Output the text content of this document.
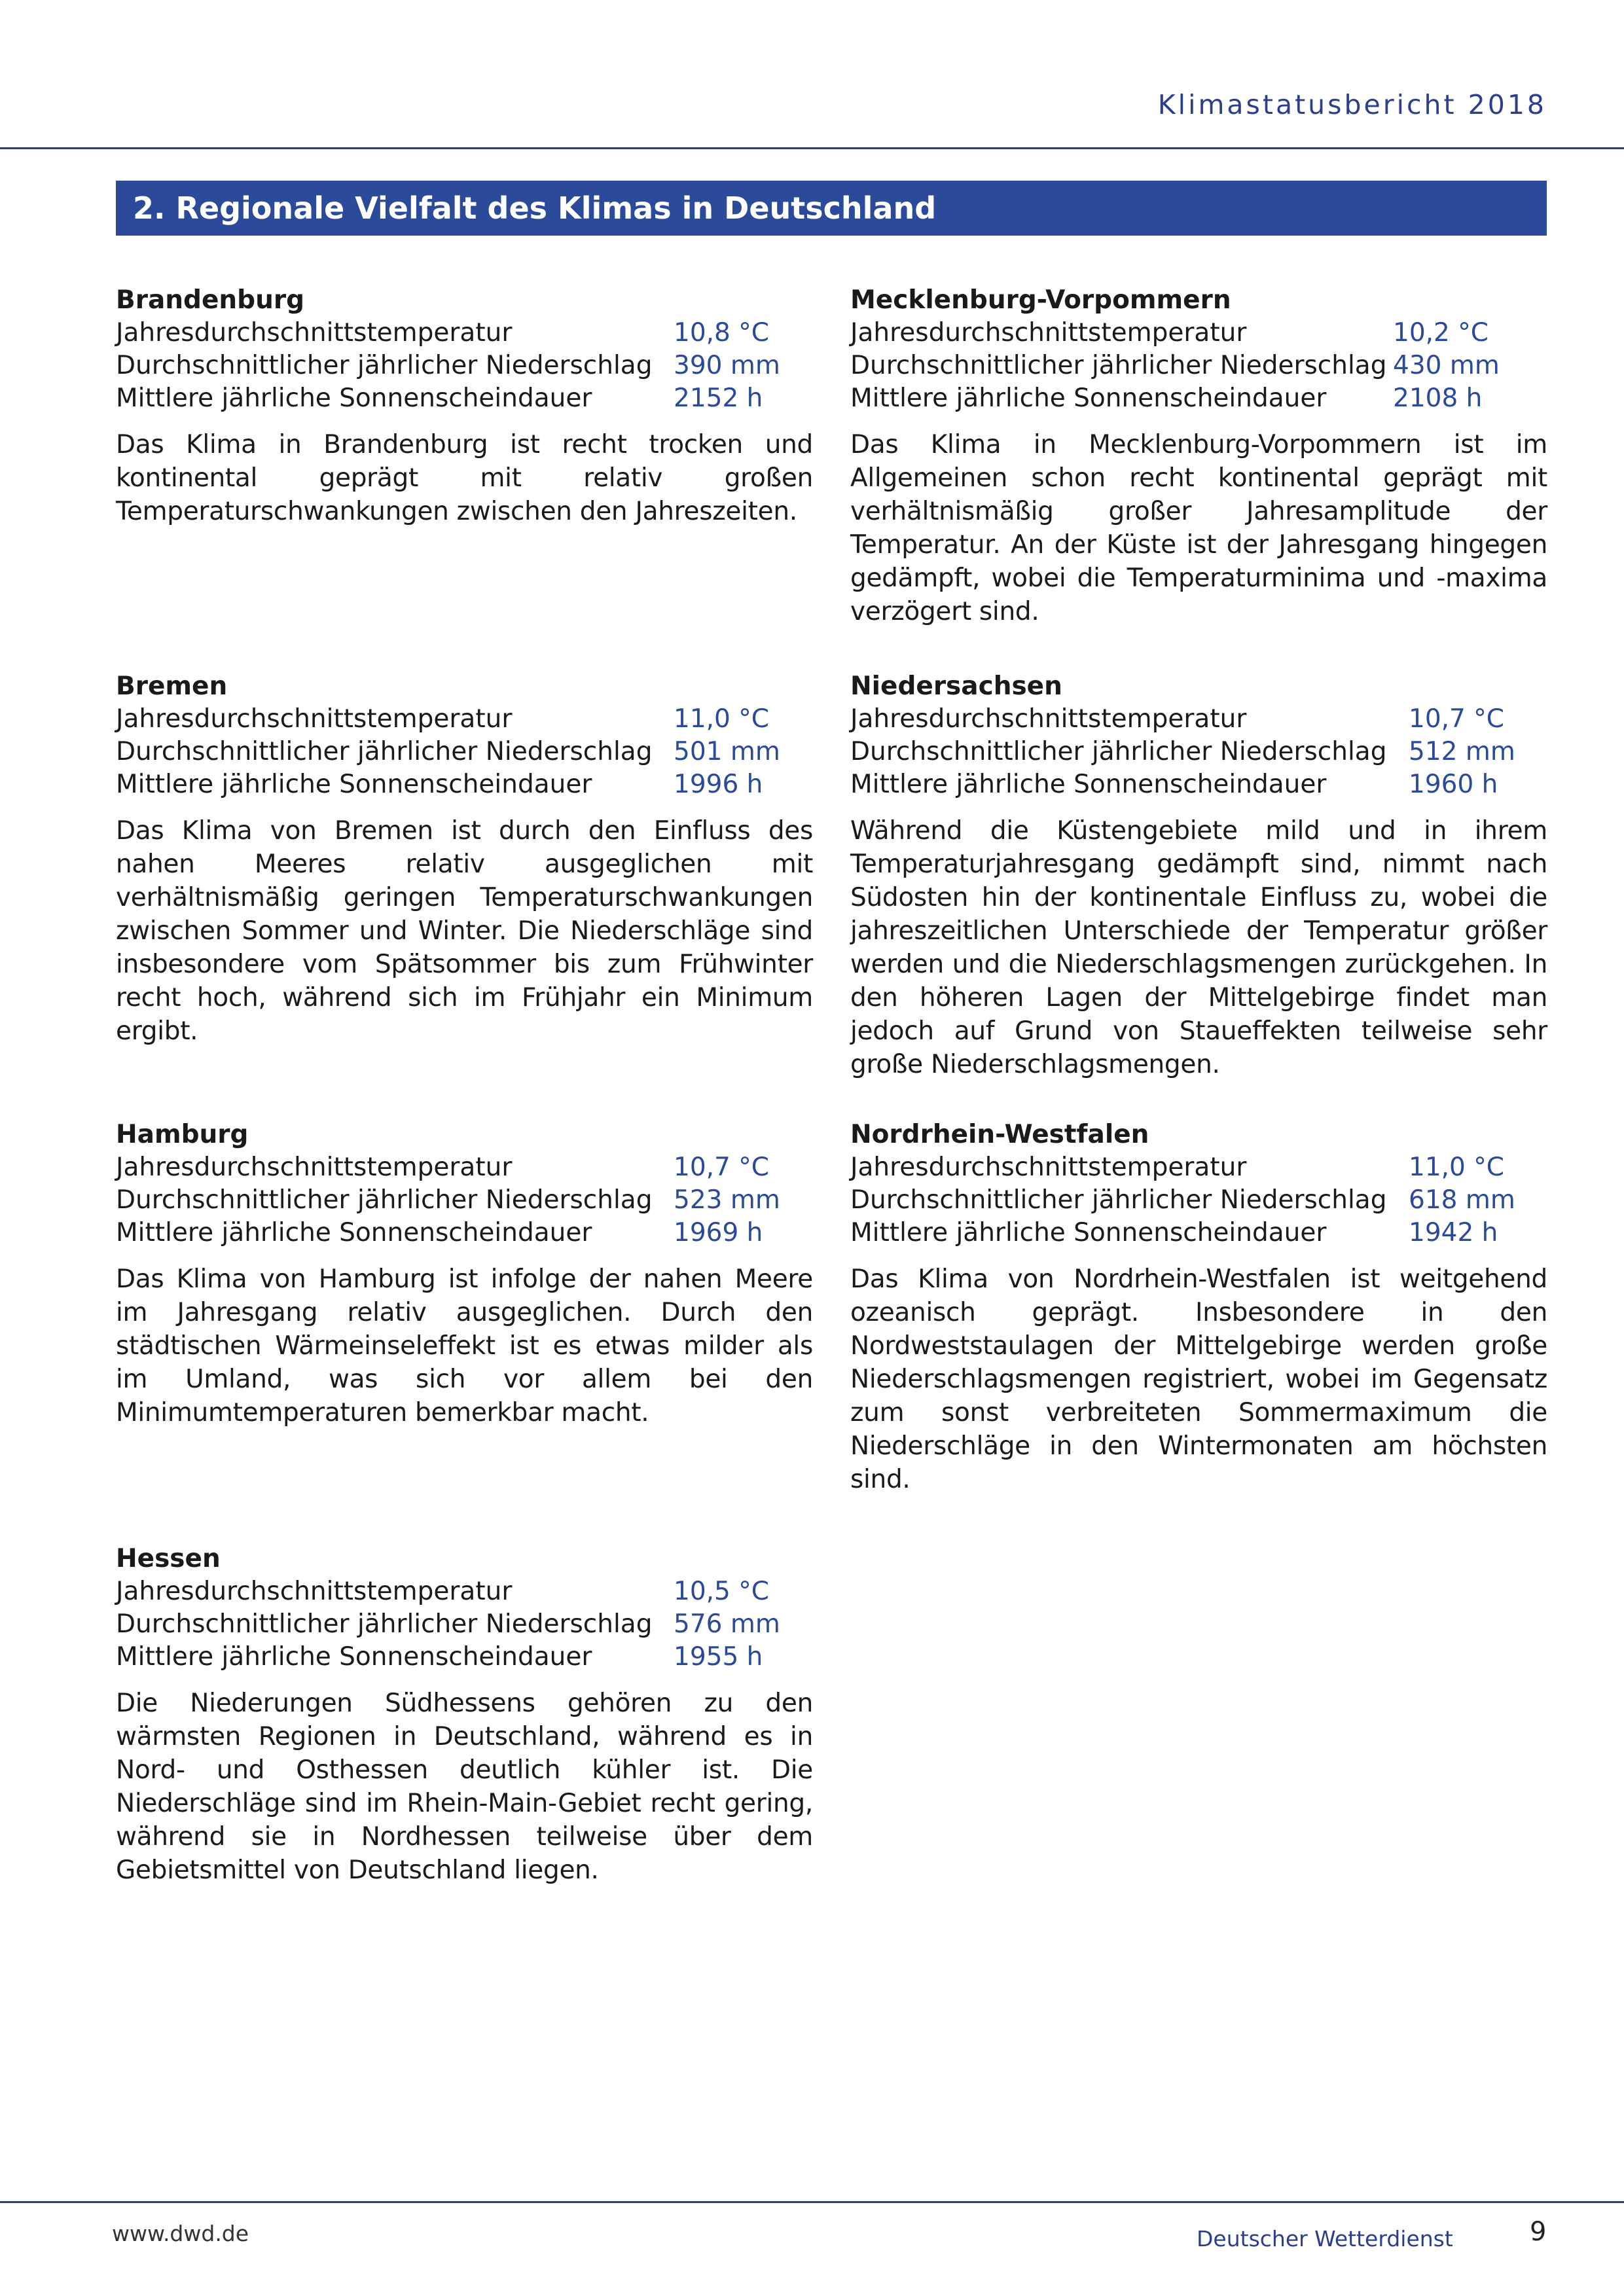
Klimastatusbericht 2018
2. Regionale Vielfalt des Klimas in Deutschland
Brandenburg
Jahresdurchschnittstemperatur	10,8 °C
Durchschnittlicher jährlicher Niederschlag 390 mm
Mittlere jährliche Sonnenscheindauer	2152 h
Das Klima in Brandenburg ist recht trocken und kontinental geprägt mit relativ großen Temperaturschwankungen zwischen den Jahreszeiten.
Mecklenburg-Vorpommern
Jahresdurchschnittstemperatur	10,2 °C
Durchschnittlicher jährlicher Niederschlag 430 mm
Mittlere jährliche Sonnenscheindauer	2108 h
Das Klima in Mecklenburg-Vorpommern ist im Allgemeinen schon recht kontinental geprägt mit verhältnismäßig großer Jahresamplitude der Temperatur. An der Küste ist der Jahresgang hingegen gedämpft, wobei die Temperaturminima und -maxima verzögert sind.
Bremen
Jahresdurchschnittstemperatur	11,0 °C
Durchschnittlicher jährlicher Niederschlag 501 mm
Mittlere jährliche Sonnenscheindauer	1996 h
Das Klima von Bremen ist durch den Einfluss des nahen Meeres relativ ausgeglichen mit verhältnismäßig geringen Temperaturschwankungen zwischen Sommer und Winter. Die Niederschläge sind insbesondere vom Spätsommer bis zum Frühwinter recht hoch, während sich im Frühjahr ein Minimum ergibt.
Niedersachsen
Jahresdurchschnittstemperatur	10,7 °C
Durchschnittlicher jährlicher Niederschlag 512 mm
Mittlere jährliche Sonnenscheindauer	1960 h
Während die Küstengebiete mild und in ihrem Temperaturjahresgang gedämpft sind, nimmt nach Südosten hin der kontinentale Einfluss zu, wobei die jahreszeitlichen Unterschiede der Temperatur größer werden und die Niederschlagsmengen zurückgehen. In den höheren Lagen der Mittelgebirge findet man jedoch auf Grund von Staueffekten teilweise sehr große Niederschlagsmengen.
Hamburg
Jahresdurchschnittstemperatur	10,7 °C
Durchschnittlicher jährlicher Niederschlag 523 mm
Mittlere jährliche Sonnenscheindauer	1969 h
Das Klima von Hamburg ist infolge der nahen Meere im Jahresgang relativ ausgeglichen. Durch den städtischen Wärmeinseleffekt ist es etwas milder als im Umland, was sich vor allem bei den Minimumtemperaturen bemerkbar macht.
Nordrhein-Westfalen
Jahresdurchschnittstemperatur	11,0 °C
Durchschnittlicher jährlicher Niederschlag 618 mm
Mittlere jährliche Sonnenscheindauer	1942 h
Das Klima von Nordrhein-Westfalen ist weitgehend ozeanisch geprägt. Insbesondere in den Nordweststaulagen der Mittelgebirge werden große Niederschlagsmengen registriert, wobei im Gegensatz zum sonst verbreiteten Sommermaximum die Niederschläge in den Wintermonaten am höchsten sind.
Hessen
Jahresdurchschnittstemperatur	10,5 °C
Durchschnittlicher jährlicher Niederschlag 576 mm
Mittlere jährliche Sonnenscheindauer	1955 h
Die Niederungen Südhessens gehören zu den wärmsten Regionen in Deutschland, während es in Nord- und Osthessen deutlich kühler ist. Die Niederschläge sind im Rhein-Main-Gebiet recht gering, während sie in Nordhessen teilweise über dem Gebietsmittel von Deutschland liegen.
www.dwd.de	Deutscher Wetterdienst	9
